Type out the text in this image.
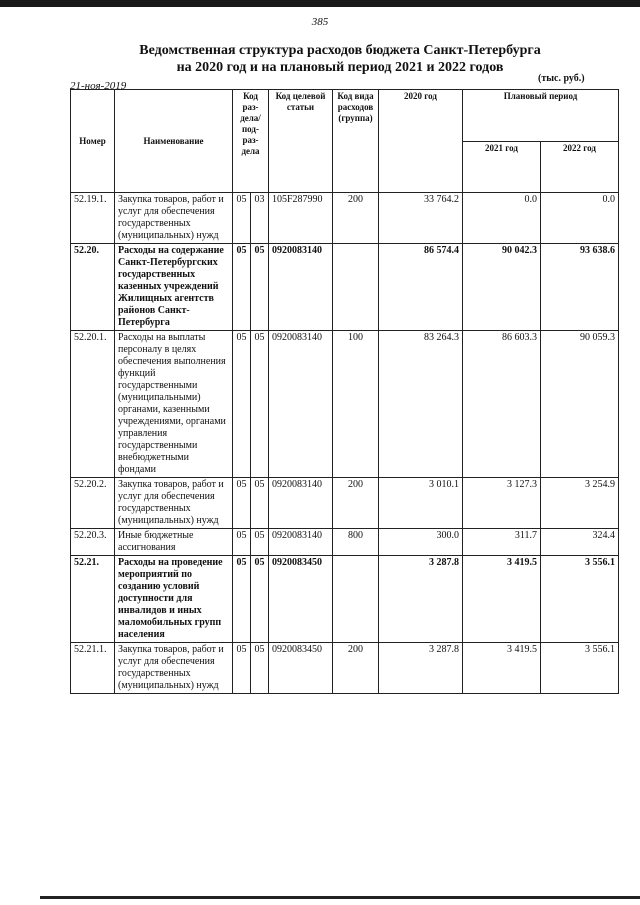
385
Ведомственная структура расходов бюджета Санкт-Петербурга
на 2020 год и на плановый период 2021 и 2022 годов
21-ноя-2019
(тыс. руб.)
Номер	Наименование	Код раз-дела/ под-раз-дела		Код целевой статьи	Код вида расходов (группа)	2020 год	Плановый период	
							2021 год	2022 год
52.19.1.	Закупка товаров, работ и услуг для обеспечения государственных (муниципальных) нужд	05	03	105F287990	200	33 764.2	0.0	0.0
52.20.	Расходы на содержание Санкт-Петербургских государственных казенных учреждений Жилищных агентств районов Санкт-Петербурга	05	05	0920083140		86 574.4	90 042.3	93 638.6
52.20.1.	Расходы на выплаты персоналу в целях обеспечения выполнения функций государственными (муниципальными) органами, казенными учреждениями, органами управления государственными внебюджетными фондами	05	05	0920083140	100	83 264.3	86 603.3	90 059.3
52.20.2.	Закупка товаров, работ и услуг для обеспечения государственных (муниципальных) нужд	05	05	0920083140	200	3 010.1	3 127.3	3 254.9
52.20.3.	Иные бюджетные ассигнования	05	05	0920083140	800	300.0	311.7	324.4
52.21.	Расходы на проведение мероприятий по созданию условий доступности для инвалидов и иных маломобильных групп населения	05	05	0920083450		3 287.8	3 419.5	3 556.1
52.21.1.	Закупка товаров, работ и услуг для обеспечения государственных (муниципальных) нужд	05	05	0920083450	200	3 287.8	3 419.5	3 556.1
